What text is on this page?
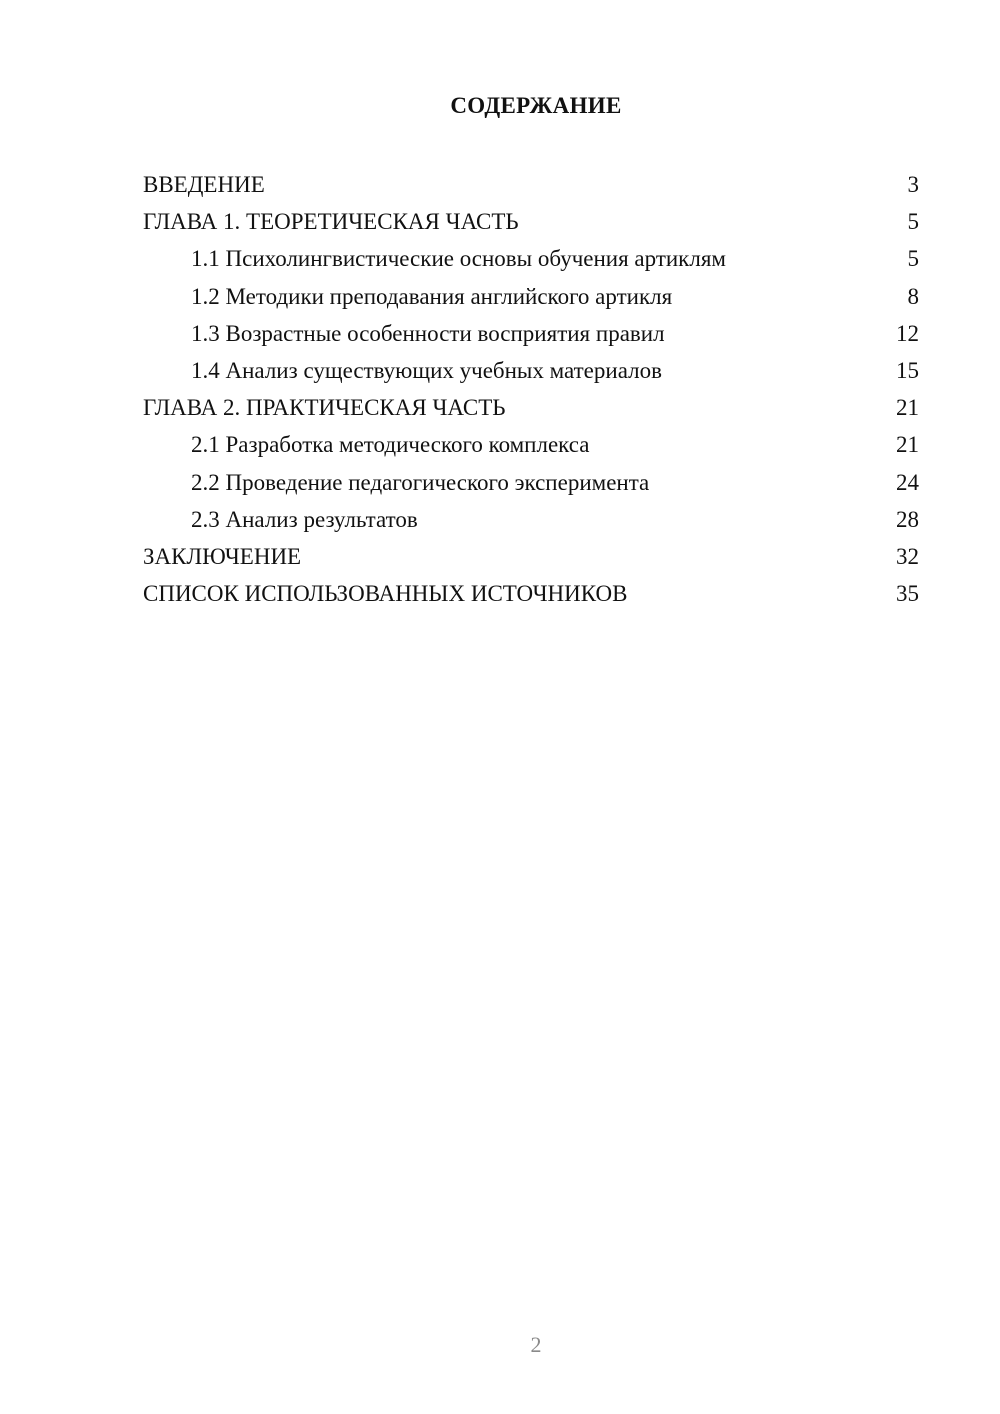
СОДЕРЖАНИЕ
ВВЕДЕНИЕ	3
ГЛАВА 1. ТЕОРЕТИЧЕСКАЯ ЧАСТЬ	5
1.1 Психолингвистические основы обучения артиклям	5
1.2 Методики преподавания английского артикля	8
1.3 Возрастные особенности восприятия правил	12
1.4 Анализ существующих учебных материалов	15
ГЛАВА 2. ПРАКТИЧЕСКАЯ ЧАСТЬ	21
2.1 Разработка методического комплекса	21
2.2 Проведение педагогического эксперимента	24
2.3 Анализ результатов	28
ЗАКЛЮЧЕНИЕ	32
СПИСОК ИСПОЛЬЗОВАННЫХ ИСТОЧНИКОВ	35
2
